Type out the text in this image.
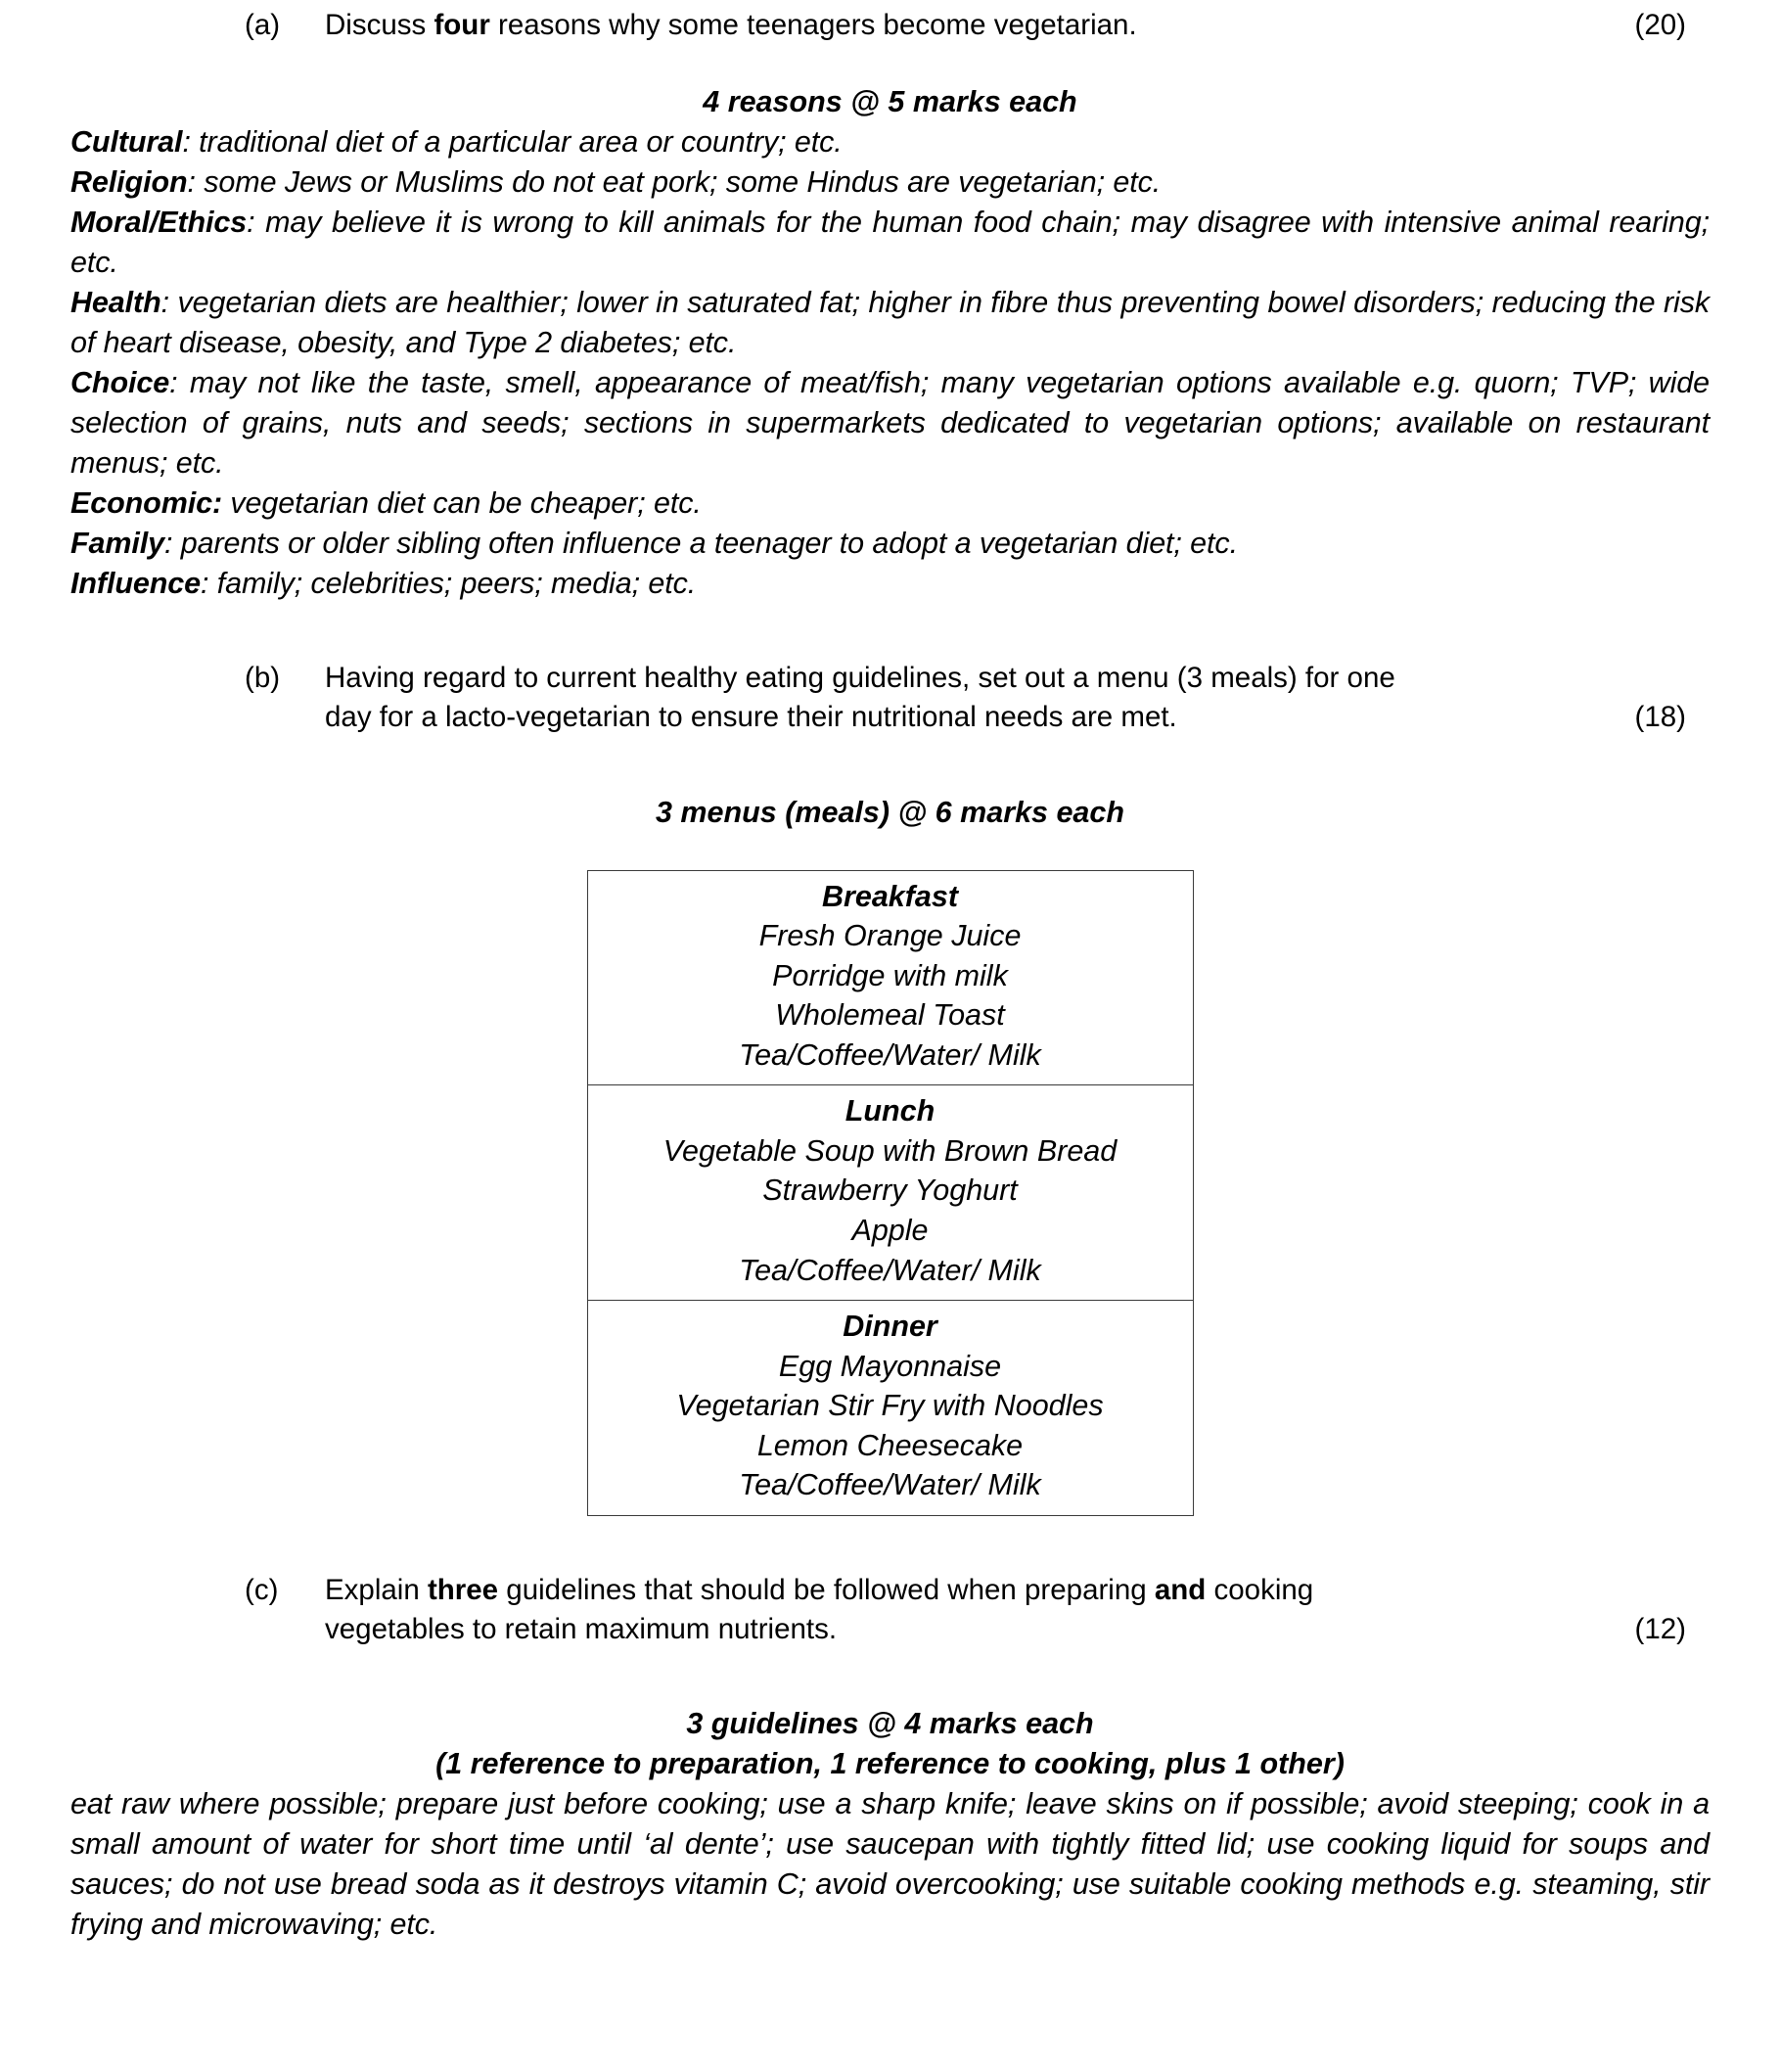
(a)	Discuss four reasons why some teenagers become vegetarian.	(20)

4 reasons @ 5 marks each

Cultural: traditional diet of a particular area or country; etc.

Religion: some Jews or Muslims do not eat pork; some Hindus are vegetarian; etc.

Moral/Ethics: may believe it is wrong to kill animals for the human food chain; may disagree with intensive animal rearing; etc.

Health: vegetarian diets are healthier; lower in saturated fat; higher in fibre thus preventing bowel disorders; reducing the risk of heart disease, obesity, and Type 2 diabetes; etc.

Choice: may not like the taste, smell, appearance of meat/fish; many vegetarian options available e.g. quorn; TVP; wide selection of grains, nuts and seeds; sections in supermarkets dedicated to vegetarian options; available on restaurant menus; etc.

Economic: vegetarian diet can be cheaper; etc.

Family: parents or older sibling often influence a teenager to adopt a vegetarian diet; etc.

Influence: family; celebrities; peers; media; etc.

(b)	Having regard to current healthy eating guidelines, set out a menu (3 meals) for one
day for a lacto-vegetarian to ensure their nutritional needs are met.	(18)

3 menus (meals) @ 6 marks each

Breakfast
Fresh Orange Juice
Porridge with milk
Wholemeal Toast
Tea/Coffee/Water/ Milk

Lunch
Vegetable Soup with Brown Bread
Strawberry Yoghurt
Apple
Tea/Coffee/Water/ Milk

Dinner
Egg Mayonnaise
Vegetarian Stir Fry with Noodles
Lemon Cheesecake
Tea/Coffee/Water/ Milk
(c)	Explain three guidelines that should be followed when preparing and cooking
vegetables to retain maximum nutrients.	(12)

3 guidelines @ 4 marks each

(1 reference to preparation, 1 reference to cooking, plus 1 other)

eat raw where possible; prepare just before cooking; use a sharp knife; leave skins on if possible; avoid steeping; cook in a small amount of water for short time until ‘al dente’; use saucepan with tightly fitted lid; use cooking liquid for soups and sauces; do not use bread soda as it destroys vitamin C; avoid overcooking; use suitable cooking methods e.g. steaming, stir frying and microwaving; etc.
